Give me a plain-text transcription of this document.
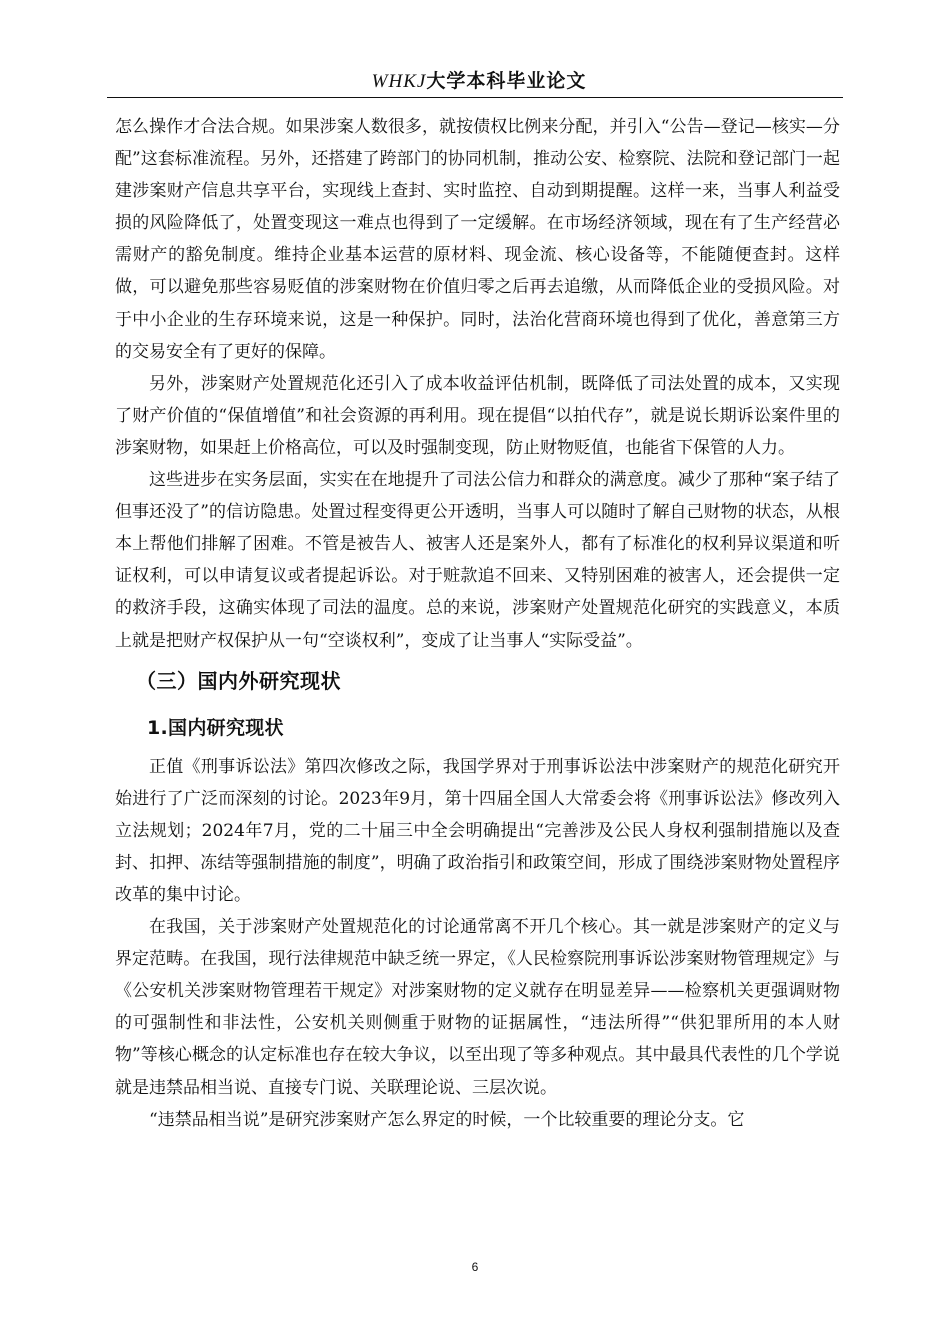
WHKJ大学本科毕业论文

怎么操作才合法合规。如果涉案人数很多，就按债权比例来分配，并引入“公告—登记—核实—分配”这套标准流程。另外，还搭建了跨部门的协同机制，推动公安、检察院、法院和登记部门一起建涉案财产信息共享平台，实现线上查封、实时监控、自动到期提醒。这样一来，当事人利益受损的风险降低了，处置变现这一难点也得到了一定缓解。在市场经济领域，现在有了生产经营必需财产的豁免制度。维持企业基本运营的原材料、现金流、核心设备等，不能随便查封。这样做，可以避免那些容易贬值的涉案财物在价值归零之后再去追缴，从而降低企业的受损风险。对于中小企业的生存环境来说，这是一种保护。同时，法治化营商环境也得到了优化，善意第三方的交易安全有了更好的保障。

另外，涉案财产处置规范化还引入了成本收益评估机制，既降低了司法处置的成本，又实现了财产价值的“保值增值”和社会资源的再利用。现在提倡“以拍代存”，就是说长期诉讼案件里的涉案财物，如果赶上价格高位，可以及时强制变现，防止财物贬值，也能省下保管的人力。

这些进步在实务层面，实实在在地提升了司法公信力和群众的满意度。减少了那种“案子结了但事还没了”的信访隐患。处置过程变得更公开透明，当事人可以随时了解自己财物的状态，从根本上帮他们排解了困难。不管是被告人、被害人还是案外人，都有了标准化的权利异议渠道和听证权利，可以申请复议或者提起诉讼。对于赃款追不回来、又特别困难的被害人，还会提供一定的救济手段，这确实体现了司法的温度。总的来说，涉案财产处置规范化研究的实践意义，本质上就是把财产权保护从一句“空谈权利”，变成了让当事人“实际受益”。

（三）国内外研究现状
1.国内研究现状

正值《刑事诉讼法》第四次修改之际，我国学界对于刑事诉讼法中涉案财产的规范化研究开始进行了广泛而深刻的讨论。2023年9月，第十四届全国人大常委会将《刑事诉讼法》修改列入立法规划；2024年7月，党的二十届三中全会明确提出“完善涉及公民人身权利强制措施以及查封、扣押、冻结等强制措施的制度”，明确了政治指引和政策空间，形成了围绕涉案财物处置程序改革的集中讨论。

在我国，关于涉案财产处置规范化的讨论通常离不开几个核心。其一就是涉案财产的定义与界定范畴。在我国，现行法律规范中缺乏统一界定，《人民检察院刑事诉讼涉案财物管理规定》与《公安机关涉案财物管理若干规定》对涉案财物的定义就存在明显差异——检察机关更强调财物的可强制性和非法性，公安机关则侧重于财物的证据属性，“违法所得”“供犯罪所用的本人财物”等核心概念的认定标准也存在较大争议，以至出现了等多种观点。其中最具代表性的几个学说就是违禁品相当说、直接专门说、关联理论说、三层次说。

“违禁品相当说”是研究涉案财产怎么界定的时候，一个比较重要的理论分支。它

6
